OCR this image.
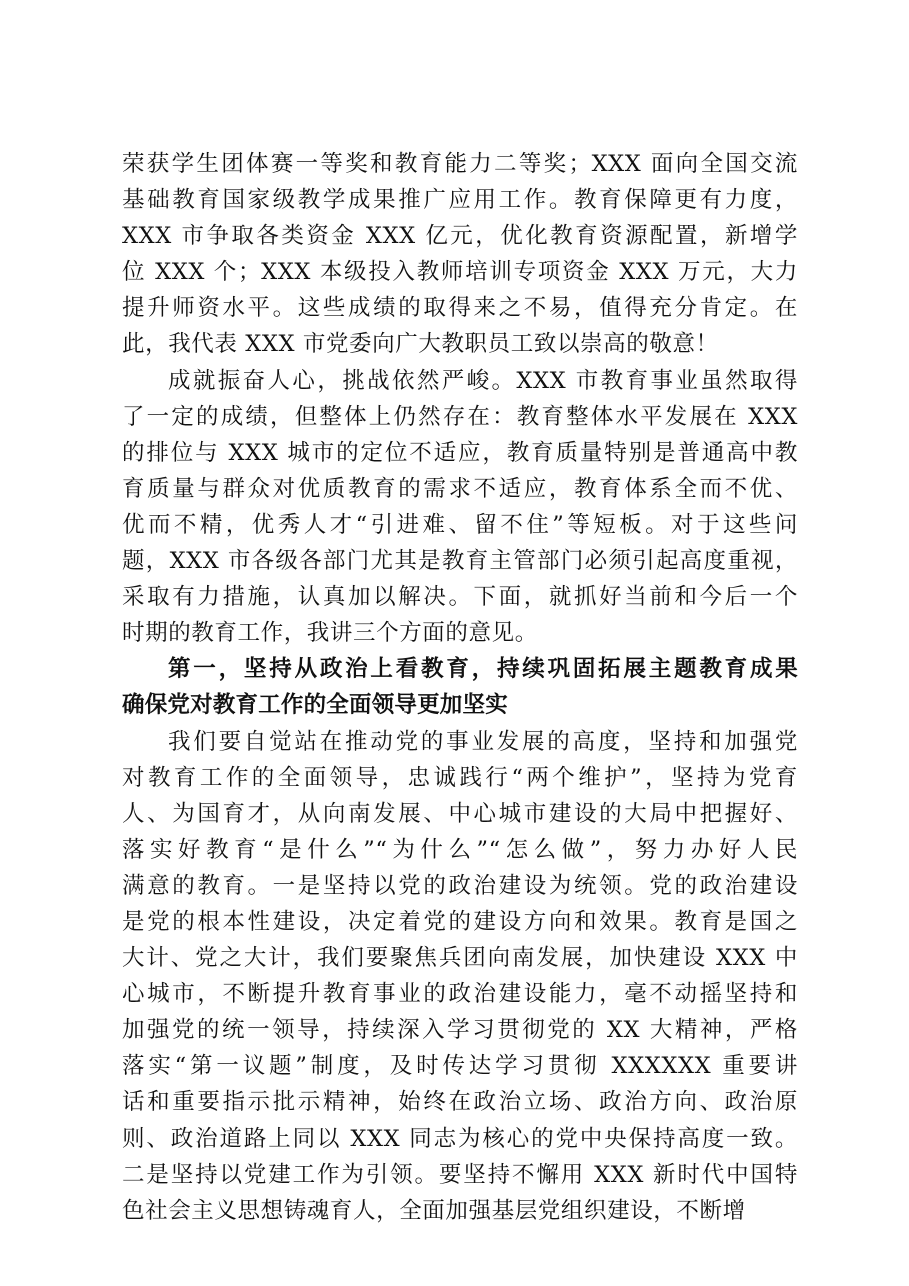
荣获学生团体赛一等奖和教育能力二等奖；XXX 面向全国交流
基础教育国家级教学成果推广应用工作。教育保障更有力度，
XXX 市争取各类资金 XXX 亿元，优化教育资源配置，新增学
位 XXX 个；XXX 本级投入教师培训专项资金 XXX 万元，大力
提升师资水平。这些成绩的取得来之不易，值得充分肯定。在
此，我代表 XXX 市党委向广大教职员工致以崇高的敬意！
成就振奋人心，挑战依然严峻。XXX 市教育事业虽然取得
了一定的成绩，但整体上仍然存在：教育整体水平发展在 XXX
的排位与 XXX 城市的定位不适应，教育质量特别是普通高中教
育质量与群众对优质教育的需求不适应，教育体系全而不优、
优而不精，优秀人才“引进难、留不住”等短板。对于这些问
题，XXX 市各级各部门尤其是教育主管部门必须引起高度重视，
采取有力措施，认真加以解决。下面，就抓好当前和今后一个
时期的教育工作，我讲三个方面的意见。
第一，坚持从政治上看教育，持续巩固拓展主题教育成果
确保党对教育工作的全面领导更加坚实
我们要自觉站在推动党的事业发展的高度，坚持和加强党
对教育工作的全面领导，忠诚践行“两个维护”，坚持为党育
人、为国育才，从向南发展、中心城市建设的大局中把握好、
落实好教育“是什么”“为什么”“怎么做”，努力办好人民
满意的教育。一是坚持以党的政治建设为统领。党的政治建设
是党的根本性建设，决定着党的建设方向和效果。教育是国之
大计、党之大计，我们要聚焦兵团向南发展，加快建设 XXX 中
心城市，不断提升教育事业的政治建设能力，毫不动摇坚持和
加强党的统一领导，持续深入学习贯彻党的 XX 大精神，严格
落实“第一议题”制度，及时传达学习贯彻 XXXXXX 重要讲
话和重要指示批示精神，始终在政治立场、政治方向、政治原
则、政治道路上同以 XXX 同志为核心的党中央保持高度一致。
二是坚持以党建工作为引领。要坚持不懈用 XXX 新时代中国特
色社会主义思想铸魂育人，全面加强基层党组织建设，不断增
